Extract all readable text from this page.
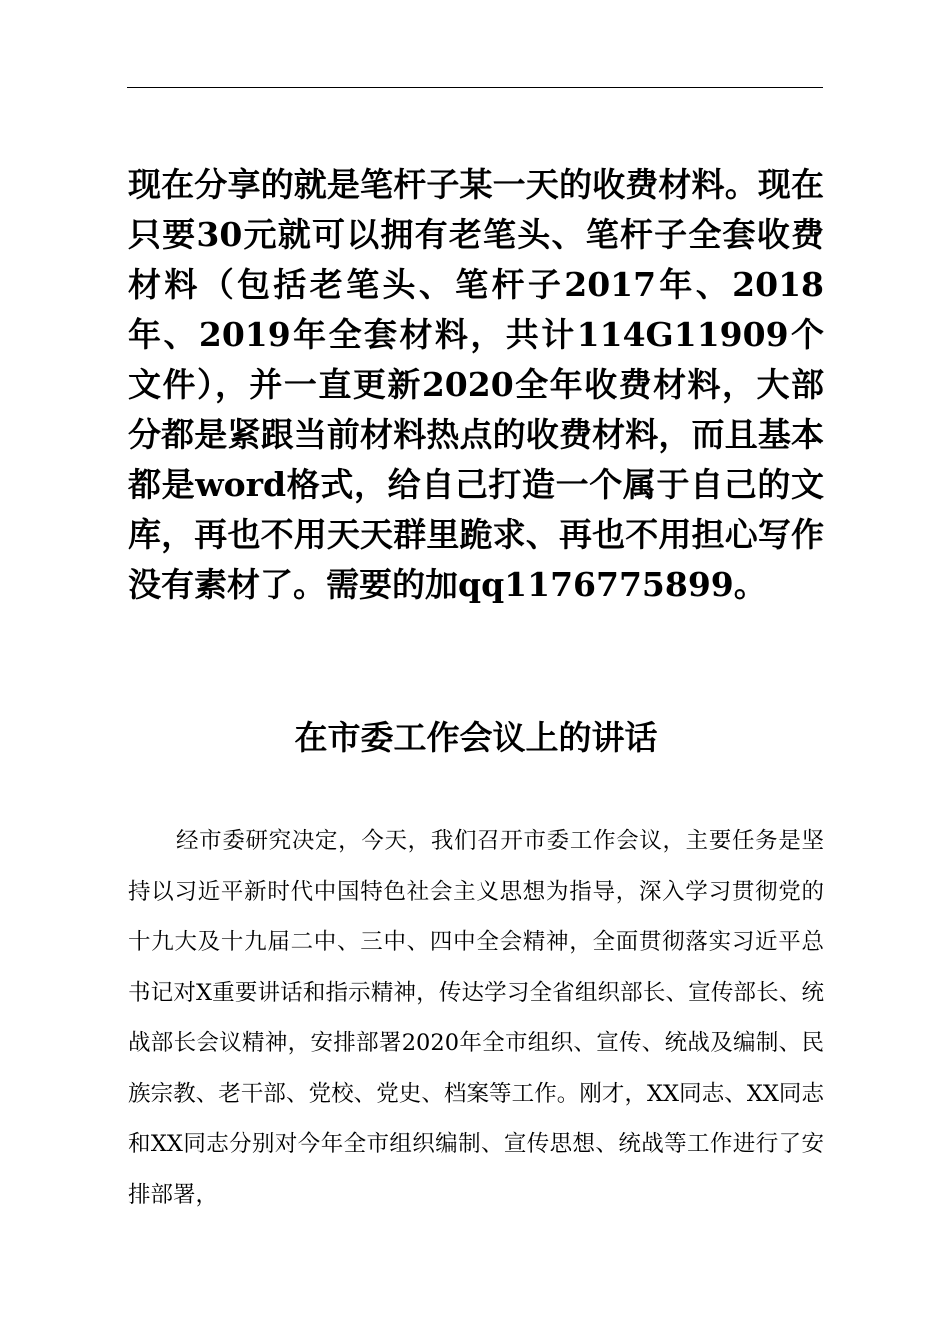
现在分享的就是笔杆子某一天的收费材料。现在只要30元就可以拥有老笔头、笔杆子全套收费材料（包括老笔头、笔杆子2017年、2018年、2019年全套材料，共计114G11909个文件），并一直更新2020全年收费材料，大部分都是紧跟当前材料热点的收费材料，而且基本都是word格式，给自己打造一个属于自己的文库，再也不用天天群里跪求、再也不用担心写作没有素材了。需要的加qq1176775899。

在市委工作会议上的讲话

经市委研究决定，今天，我们召开市委工作会议，主要任务是坚持以习近平新时代中国特色社会主义思想为指导，深入学习贯彻党的十九大及十九届二中、三中、四中全会精神，全面贯彻落实习近平总书记对X重要讲话和指示精神，传达学习全省组织部长、宣传部长、统战部长会议精神，安排部署2020年全市组织、宣传、统战及编制、民族宗教、老干部、党校、党史、档案等工作。刚才，XX同志、XX同志和XX同志分别对今年全市组织编制、宣传思想、统战等工作进行了安排部署，
